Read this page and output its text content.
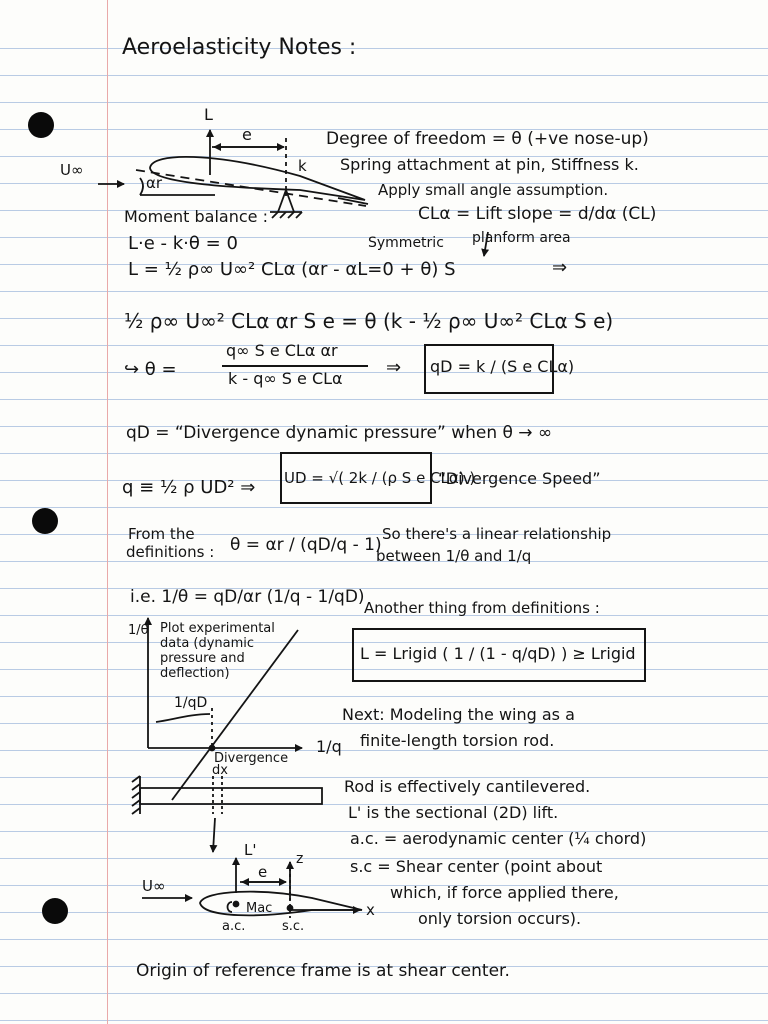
Aeroelasticity Notes :
L
e
k
U∞
αr
Degree of freedom = θ (+ve nose-up)
Spring attachment at pin, Stiffness k.
Apply small angle assumption.
CLα = Lift slope = d/dα (CL)
Symmetric planform area
Moment balance :
L·e - k·θ = 0
L = ½ ρ∞ U∞² CLα (αr - αL=0 + θ) S	⇒
½ ρ∞ U∞² CLα αr S e = θ (k - ½ ρ∞ U∞² CLα S e)
↪ θ =
q∞ S e CLα αr
k - q∞ S e CLα
⇒ qD = k / (S e CLα)
qD = “Divergence dynamic pressure” when θ → ∞
q ≡ ½ ρ UD² ⇒ UD = √( 2k / (ρ S e CLα) )
“Divergence Speed”
From the
definitions : θ = αr / (qD/q - 1)
So there's a linear relationship
between 1/θ and 1/q
i.e. 1/θ = qD/αr (1/q - 1/qD)
Another thing from definitions :
L = Lrigid ( 1 / (1 - q/qD) ) ≥ Lrigid
1/θ Plot experimental
data (dynamic
pressure and
deflection)
1/qD
Divergence
1/q
Next: Modeling the wing as a
finite-length torsion rod.
dx
Rod is effectively cantilevered.
L' is the sectional (2D) lift.
a.c. = aerodynamic center (¼ chord)
s.c = Shear center (point about
which, if force applied there,
only torsion occurs).
L'
e
z
x
U∞
Mac
a.c.	s.c.
Origin of reference frame is at shear center.
